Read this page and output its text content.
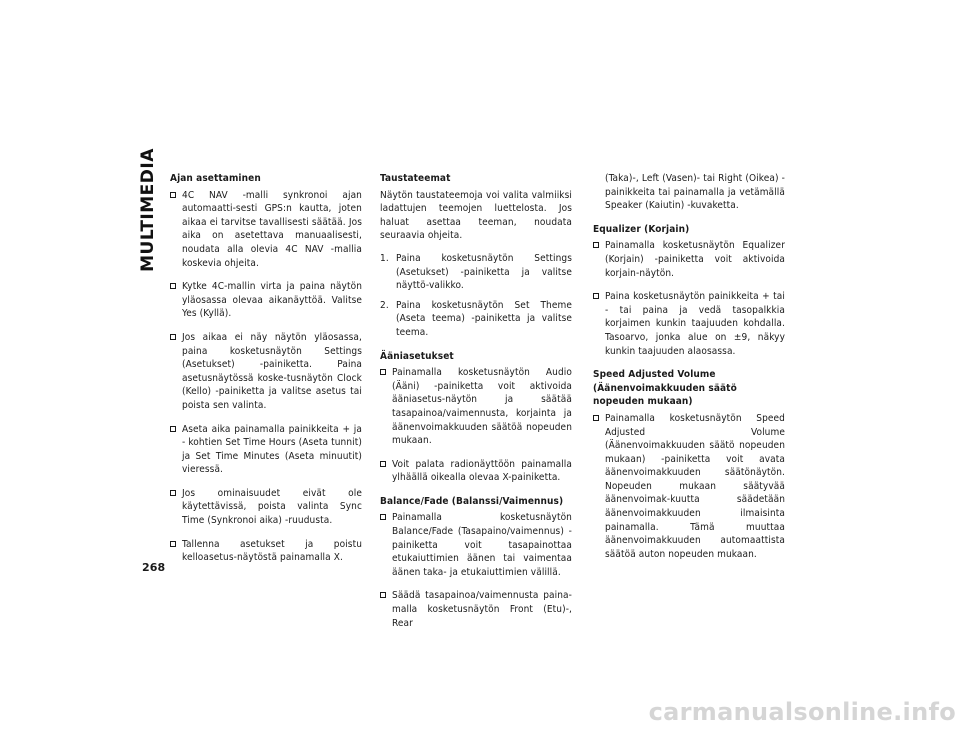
MULTIMEDIA
268
Ajan asettaminen
4C NAV -malli synkronoi ajan automaatti-sesti GPS:n kautta, joten aikaa ei tarvitse tavallisesti säätää. Jos aika on asetettava manuaalisesti, noudata alla olevia 4C NAV -mallia koskevia ohjeita.
Kytke 4C-mallin virta ja paina näytön yläosassa olevaa aikanäyttöä. Valitse Yes (Kyllä).
Jos aikaa ei näy näytön yläosassa, paina kosketusnäytön Settings (Asetukset) -painiketta. Paina asetusnäytössä koske-tusnäytön Clock (Kello) -painiketta ja valitse asetus tai poista sen valinta.
Aseta aika painamalla painikkeita + ja - kohtien Set Time Hours (Aseta tunnit) ja Set Time Minutes (Aseta minuutit) vieressä.
Jos ominaisuudet eivät ole käytettävissä, poista valinta Sync Time (Synkronoi aika) -ruudusta.
Tallenna asetukset ja poistu kelloasetus-näytöstä painamalla X.
Taustateemat

Näytön taustateemoja voi valita valmiiksi ladattujen teemojen luettelosta. Jos haluat asettaa teeman, noudata seuraavia ohjeita.

1. Paina kosketusnäytön Settings (Asetukset) -painiketta ja valitse näyttö-valikko.
2. Paina kosketusnäytön Set Theme (Aseta teema) -painiketta ja valitse teema.
Ääniasetukset
Painamalla kosketusnäytön Audio (Ääni) -painiketta voit aktivoida ääniasetus-näytön ja säätää tasapainoa/vaimennusta, korjainta ja äänenvoimakkuuden säätöä nopeuden mukaan.
Voit palata radionäyttöön painamalla ylhäällä oikealla olevaa X-painiketta.
Balance/Fade (Balanssi/Vaimennus)
Painamalla kosketusnäytön Balance/Fade (Tasapaino/vaimennus) -painiketta voit tasapainottaa etukaiuttimien äänen tai vaimentaa äänen taka- ja etukaiuttimien välillä.
Säädä tasapainoa/vaimennusta paina-malla kosketusnäytön Front (Etu)-, Rear

(Taka)-, Left (Vasen)- tai Right (Oikea) -painikkeita tai painamalla ja vetämällä Speaker (Kaiutin) -kuvaketta.

Equalizer (Korjain)
Painamalla kosketusnäytön Equalizer (Korjain) -painiketta voit aktivoida korjain-näytön.
Paina kosketusnäytön painikkeita + tai - tai paina ja vedä tasopalkkia korjaimen kunkin taajuuden kohdalla. Tasoarvo, jonka alue on ±9, näkyy kunkin taajuuden alaosassa.
Speed Adjusted Volume (Äänenvoimakkuuden säätö nopeuden mukaan)
Painamalla kosketusnäytön Speed Adjusted Volume (Äänenvoimakkuuden säätö nopeuden mukaan) -painiketta voit avata äänenvoimakkuuden säätönäytön. Nopeuden mukaan säätyvää äänenvoimak-kuutta säädetään äänenvoimakkuuden ilmaisinta painamalla. Tämä muuttaa äänenvoimakkuuden automaattista säätöä auton nopeuden mukaan.
carmanualsonline.info
